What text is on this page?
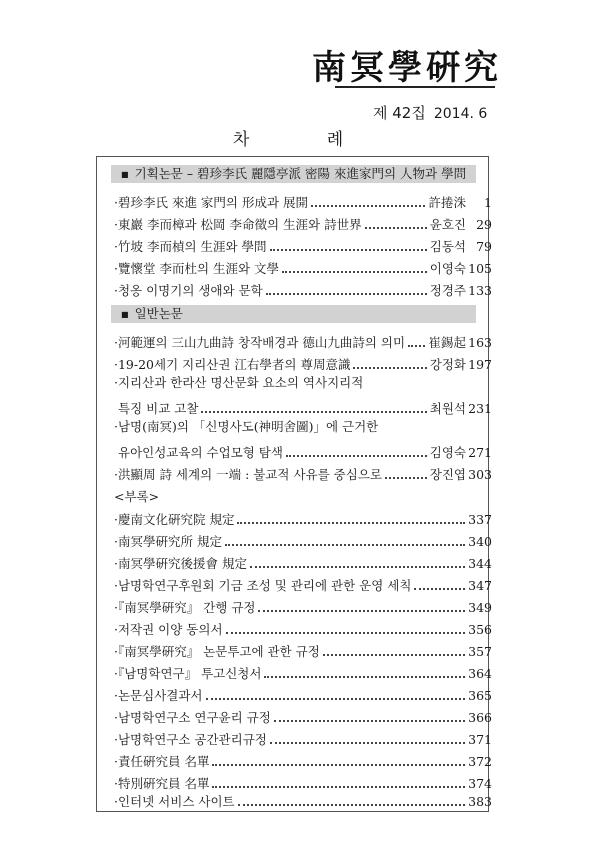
南冥學硏究
제 42집 2014. 6
차 례
■ 기획논문 – 碧珍李氏 麗隱亭派 密陽 來進家門의 人物과 學問
·碧珍李氏 來進 家門의 形成과 展開	許捲洙	1
·東巖 李而樟과 松岡 李命徵의 生涯와 詩世界	윤호진 29
·竹坡 李而楨의 生涯와 學問	김동석 79
·覽懷堂 李而杜의 生涯와 文學	이영숙 105
·청옹 이명기의 생애와 문학	정경주 133
■ 일반논문
·河範運의 三山九曲詩 창작배경과 德山九曲詩의 의미 崔錫起 163
·19-20세기 지리산권 江右學者의 尊周意識	강정화 197
·지리산과 한라산 명산문화 요소의 역사지리적
특징 비교 고찰	최원석 231
·남명(南冥)의 「신명사도(神明舍圖)」에 근거한
유아인성교육의 수업모형 탐색	김영숙 271
·洪顯周 詩 세계의 一端 : 불교적 사유를 중심으로	장진엽 303
<부록>
·慶南文化硏究院 規定	337
·南冥學硏究所 規定	340
·南冥學硏究後援會 規定	344
·남명학연구후원회 기금 조성 및 관리에 관한 운영 세칙	347
·『南冥學硏究』 간행 규정	349
·저작권 이양 동의서	356
·『南冥學硏究』 논문투고에 관한 규정	357
·『남명학연구』 투고신청서	364
·논문심사결과서	365
·남명학연구소 연구윤리 규정	366
·남명학연구소 공간관리규정	371
·責任硏究員 名單	372
·特別硏究員 名單	374
·인터넷 서비스 사이트	383
